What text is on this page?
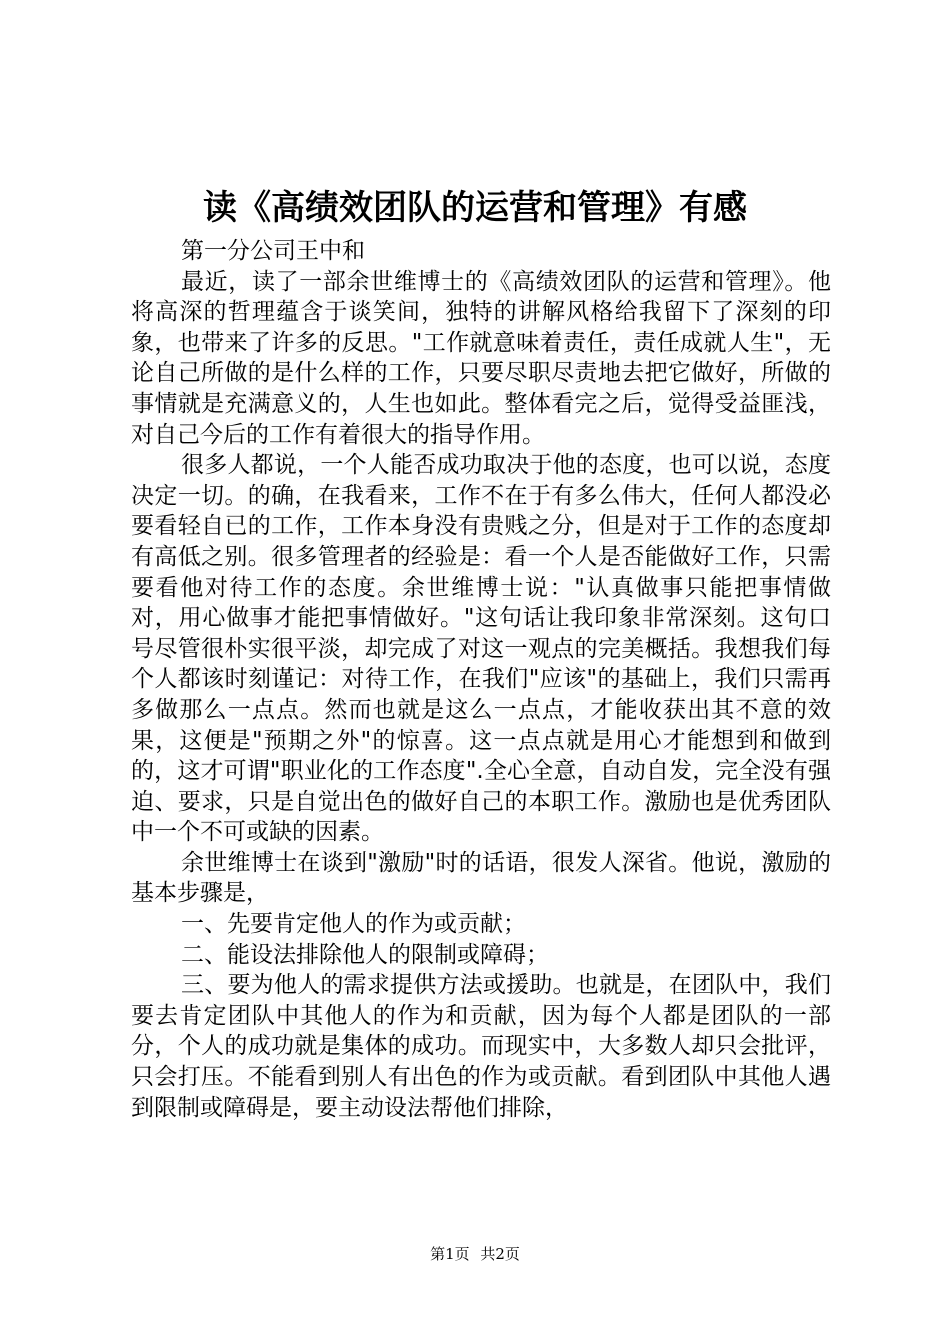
读《高绩效团队的运营和管理》有感

第一分公司王中和

最近，读了一部余世维博士的《高绩效团队的运营和管理》。他将高深的哲理蕴含于谈笑间，独特的讲解风格给我留下了深刻的印象，也带来了许多的反思。"工作就意味着责任，责任成就人生"，无论自己所做的是什么样的工作，只要尽职尽责地去把它做好，所做的事情就是充满意义的，人生也如此。整体看完之后，觉得受益匪浅，对自己今后的工作有着很大的指导作用。

很多人都说，一个人能否成功取决于他的态度，也可以说，态度决定一切。的确，在我看来，工作不在于有多么伟大，任何人都没必要看轻自已的工作，工作本身没有贵贱之分，但是对于工作的态度却有高低之别。很多管理者的经验是：看一个人是否能做好工作，只需要看他对待工作的态度。余世维博士说："认真做事只能把事情做对，用心做事才能把事情做好。"这句话让我印象非常深刻。这句口号尽管很朴实很平淡，却完成了对这一观点的完美概括。我想我们每个人都该时刻谨记：对待工作，在我们"应该"的基础上，我们只需再多做那么一点点。然而也就是这么一点点，才能收获出其不意的效果，这便是"预期之外"的惊喜。这一点点就是用心才能想到和做到的，这才可谓"职业化的工作态度".全心全意，自动自发，完全没有强迫、要求，只是自觉出色的做好自己的本职工作。激励也是优秀团队中一个不可或缺的因素。

余世维博士在谈到"激励"时的话语，很发人深省。他说，激励的基本步骤是，

一、先要肯定他人的作为或贡献；

二、能设法排除他人的限制或障碍；

三、要为他人的需求提供方法或援助。也就是，在团队中，我们要去肯定团队中其他人的作为和贡献，因为每个人都是团队的一部分，个人的成功就是集体的成功。而现实中，大多数人却只会批评，只会打压。不能看到别人有出色的作为或贡献。看到团队中其他人遇到限制或障碍是，要主动设法帮他们排除，

第1页 共2页
